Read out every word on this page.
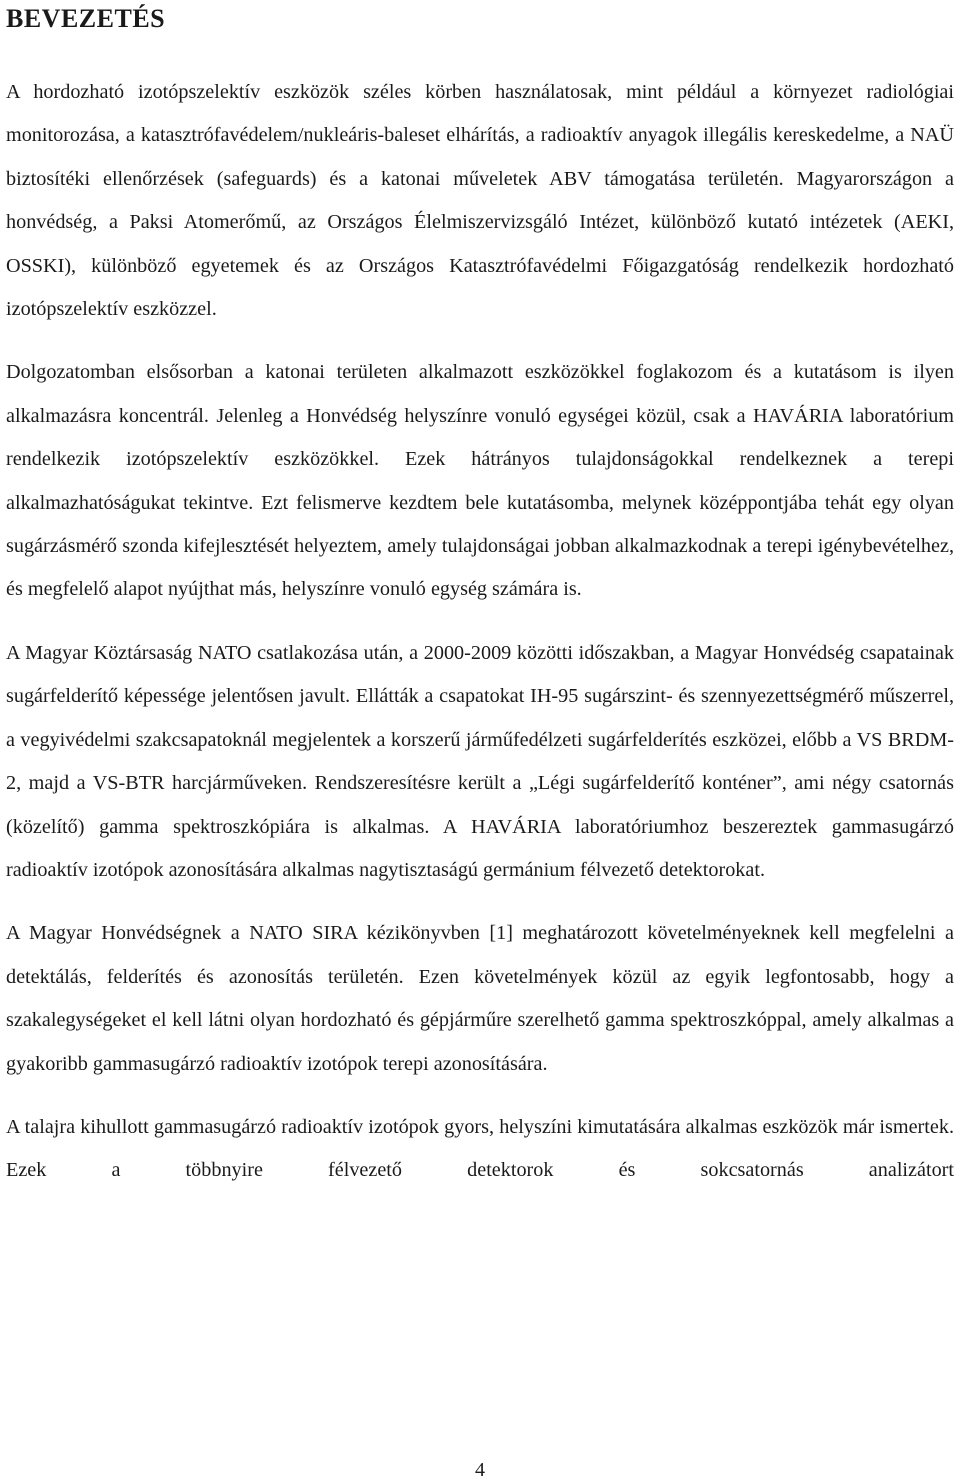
BEVEZETÉS

A hordozható izotópszelektív eszközök széles körben használatosak, mint például a környezet radiológiai monitorozása, a katasztrófavédelem/nukleáris-baleset elhárítás, a radioaktív anyagok illegális kereskedelme, a NAÜ biztosítéki ellenőrzések (safeguards) és a katonai műveletek ABV támogatása területén. Magyarországon a honvédség, a Paksi Atomerőmű, az Országos Élelmiszervizsgáló Intézet, különböző kutató intézetek (AEKI, OSSKI), különböző egyetemek és az Országos Katasztrófavédelmi Főigazgatóság rendelkezik hordozható izotópszelektív eszközzel.

Dolgozatomban elsősorban a katonai területen alkalmazott eszközökkel foglakozom és a kutatásom is ilyen alkalmazásra koncentrál. Jelenleg a Honvédség helyszínre vonuló egységei közül, csak a HAVÁRIA laboratórium rendelkezik izotópszelektív eszközökkel. Ezek hátrányos tulajdonságokkal rendelkeznek a terepi alkalmazhatóságukat tekintve. Ezt felismerve kezdtem bele kutatásomba, melynek középpontjába tehát egy olyan sugárzásmérő szonda kifejlesztését helyeztem, amely tulajdonságai jobban alkalmazkodnak a terepi igénybevételhez, és megfelelő alapot nyújthat más, helyszínre vonuló egység számára is.

A Magyar Köztársaság NATO csatlakozása után, a 2000-2009 közötti időszakban, a Magyar Honvédség csapatainak sugárfelderítő képessége jelentősen javult. Ellátták a csapatokat IH-95 sugárszint- és szennyezettségmérő műszerrel, a vegyivédelmi szakcsapatoknál megjelentek a korszerű járműfedélzeti sugárfelderítés eszközei, előbb a VS BRDM-2, majd a VS-BTR harcjárműveken. Rendszeresítésre került a „Légi sugárfelderítő konténer”, ami négy csatornás (közelítő) gamma spektroszkópiára is alkalmas. A HAVÁRIA laboratóriumhoz beszereztek gammasugárzó radioaktív izotópok azonosítására alkalmas nagytisztaságú germánium félvezető detektorokat.

A Magyar Honvédségnek a NATO SIRA kézikönyvben [1] meghatározott követelményeknek kell megfelelni a detektálás, felderítés és azonosítás területén. Ezen követelmények közül az egyik legfontosabb, hogy a szakalegységeket el kell látni olyan hordozható és gépjárműre szerelhető gamma spektroszkóppal, amely alkalmas a gyakoribb gammasugárzó radioaktív izotópok terepi azonosítására.

A talajra kihullott gammasugárzó radioaktív izotópok gyors, helyszíni kimutatására alkalmas eszközök már ismertek. Ezek a többnyire félvezető detektorok és sokcsatornás analizátort

4
